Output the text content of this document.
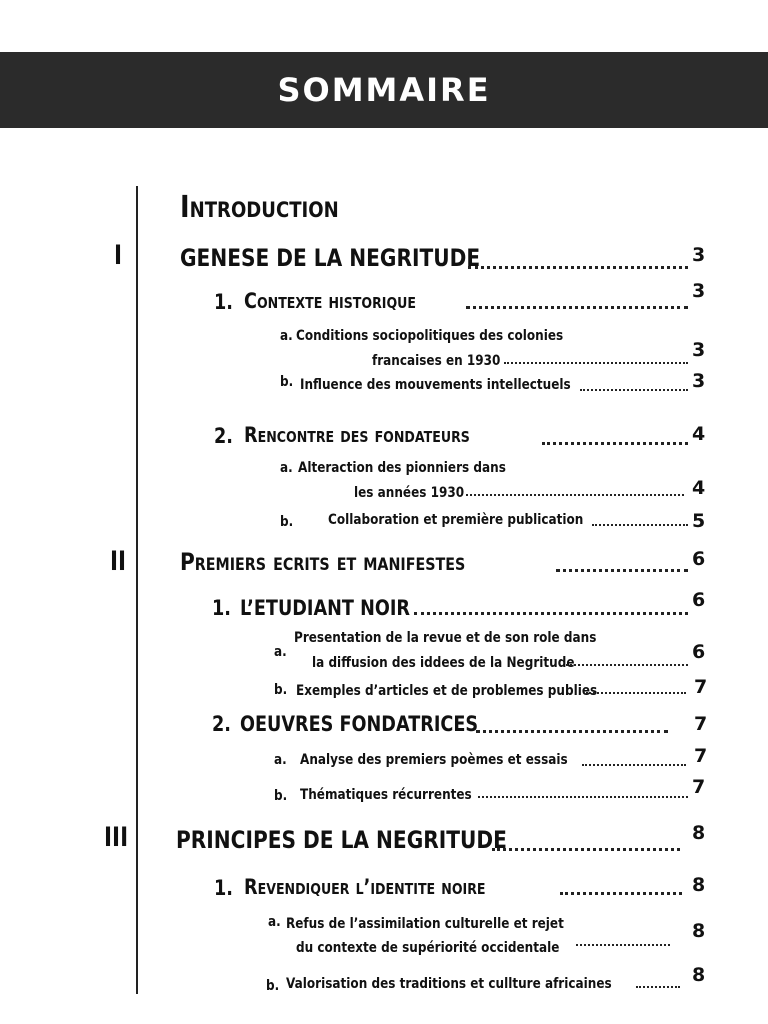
SOMMAIRE
Introduction
I GENESE DE LA NEGRITUDE	3
1. Contexte historique	3
a. Conditions sociopolitiques des colonies
francaises en 1930	3
b. Influence des mouvements intellectuels	3
2. Rencontre des fondateurs	4
a. Alteraction des pionniers dans
les années 1930	4
b. Collaboration et première publication	5
II Premiers ecrits et manifestes	6
1. L’ETUDIANT NOIR	6
a.
Presentation de la revue et de son role dans
la diffusion des iddees de la Negritude	6
b. Exemples d’articles et de problemes publies	7
2. OEUVRES FONDATRICES	7
a. Analyse des premiers poèmes et essais	7
b. Thématiques récurrentes	7
III PRINCIPES DE LA NEGRITUDE	8
1. Revendiquer l’identite noire	8
a. Refus de l’assimilation culturelle et rejet
du contexte de supériorité occidentale
8
b. Valorisation des traditions et cullture africaines	8
